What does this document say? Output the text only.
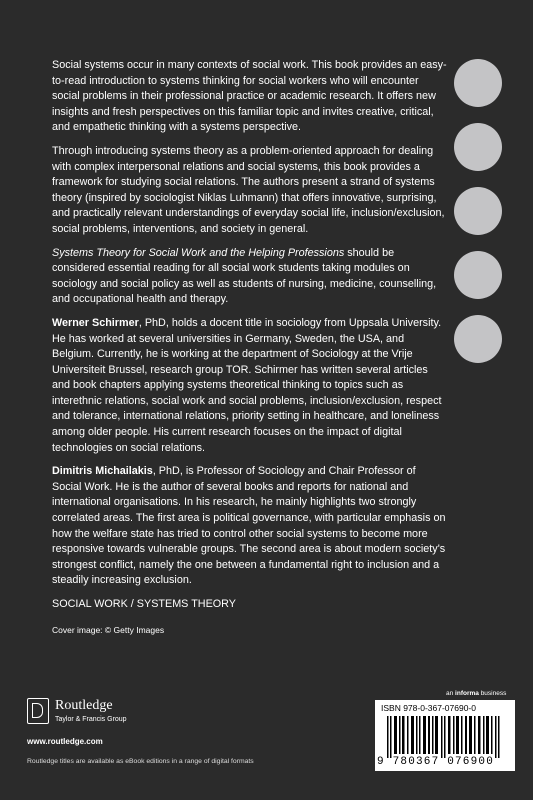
Social systems occur in many contexts of social work. This book provides an easy-to-read introduction to systems thinking for social workers who will encounter social problems in their professional practice or academic research. It offers new insights and fresh perspectives on this familiar topic and invites creative, critical, and empathetic thinking with a systems perspective.

Through introducing systems theory as a problem-oriented approach for dealing with complex interpersonal relations and social systems, this book provides a framework for studying social relations. The authors present a strand of systems theory (inspired by sociologist Niklas Luhmann) that offers innovative, surprising, and practically relevant understandings of everyday social life, inclusion/exclusion, social problems, interventions, and society in general.

Systems Theory for Social Work and the Helping Professions should be considered essential reading for all social work students taking modules on sociology and social policy as well as students of nursing, medicine, counselling, and occupational health and therapy.

Werner Schirmer, PhD, holds a docent title in sociology from Uppsala University. He has worked at several universities in Germany, Sweden, the USA, and Belgium. Currently, he is working at the department of Sociology at the Vrije Universiteit Brussel, research group TOR. Schirmer has written several articles and book chapters applying systems theoretical thinking to topics such as interethnic relations, social work and social problems, inclusion/exclusion, respect and tolerance, international relations, priority setting in healthcare, and loneliness among older people. His current research focuses on the impact of digital technologies on social relations.

Dimitris Michailakis, PhD, is Professor of Sociology and Chair Professor of Social Work. He is the author of several books and reports for national and international organisations. In his research, he mainly highlights two strongly correlated areas. The first area is political governance, with particular emphasis on how the welfare state has tried to control other social systems to become more responsive towards vulnerable groups. The second area is about modern society's strongest conflict, namely the one between a fundamental right to inclusion and a steadily increasing exclusion.

SOCIAL WORK / SYSTEMS THEORY
Cover image: © Getty Images
Routledge
Taylor & Francis Group
www.routledge.com
Routledge titles are available as eBook editions in a range of digital formats
an informa business
ISBN 978-0-367-07690-0
9 780367 076900
